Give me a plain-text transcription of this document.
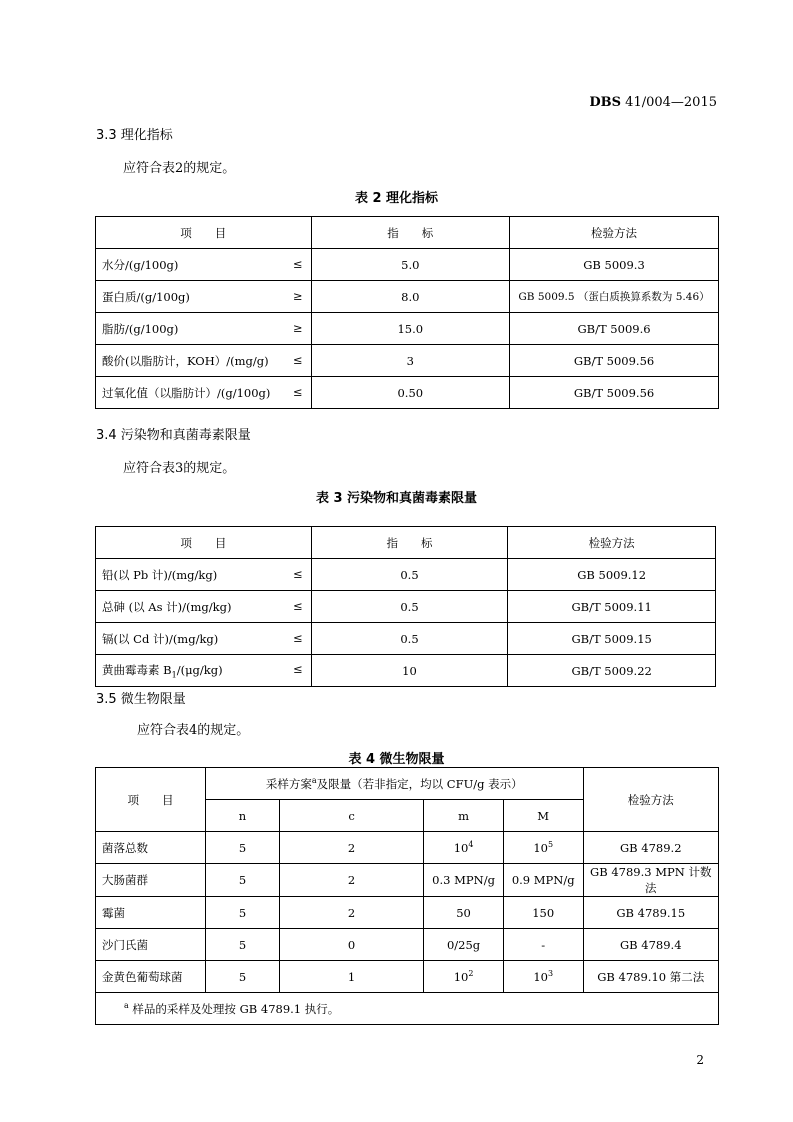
DBS 41/004—2015
3.3 理化指标
应符合表2的规定。
表 2 理化指标
项　　目	指　　标	检验方法
水分/(g/100g) ≤	5.0	GB 5009.3
蛋白质/(g/100g) ≥	8.0	GB 5009.5 （蛋白质换算系数为 5.46）
脂肪/(g/100g) ≥	15.0	GB/T 5009.6
酸价(以脂肪计，KOH）/(mg/g) ≤	3	GB/T 5009.56
过氧化值（以脂肪计）/(g/100g) ≤	0.50	GB/T 5009.56
3.4 污染物和真菌毒素限量
应符合表3的规定。
表 3 污染物和真菌毒素限量
项　　目	指　　标	检验方法
铅(以 Pb 计)/(mg/kg) ≤	0.5	GB 5009.12
总砷 (以 As 计)/(mg/kg) ≤	0.5	GB/T 5009.11
镉(以 Cd 计)/(mg/kg) ≤	0.5	GB/T 5009.15
黄曲霉毒素 $B_1/(\mu g/kg)$ ≤	10	GB/T 5009.22
3.5 微生物限量
应符合表4的规定。
表 4 微生物限量
项　　目	采样方案$^a$及限量（若非指定，均以 CFU/g 表示）				检验方法
	n	c	m	M	
菌落总数	5	2	$10^4$	$10^5$	GB 4789.2
大肠菌群	5	2	0.3 MPN/g	0.9 MPN/g	GB 4789.3 MPN 计数法
霉菌	5	2	50	150	GB 4789.15
沙门氏菌	5	0	0/25g	-	GB 4789.4
金黄色葡萄球菌	5	1	$10^2$	$10^3$	GB 4789.10 第二法
$^a$ 样品的采样及处理按 GB 4789.1 执行。					
2
